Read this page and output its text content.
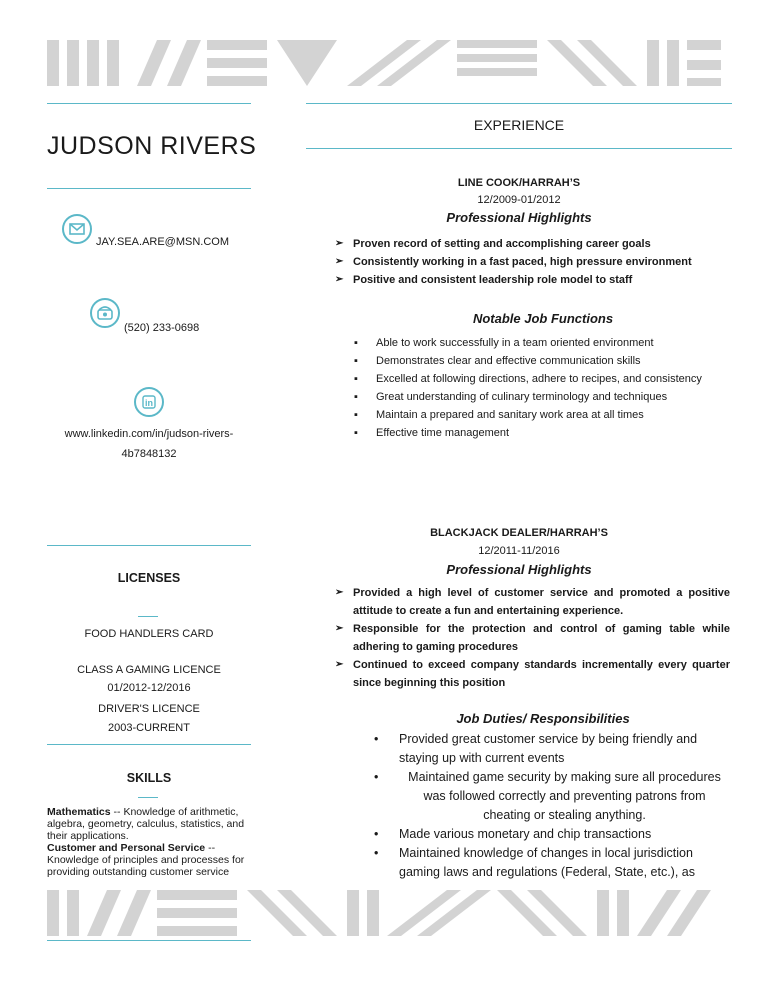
JUDSON RIVERS
JAY.SEA.ARE@MSN.COM
(520) 233-0698
in
www.linkedin.com/in/judson-rivers-
4b7848132
LICENSES
FOOD HANDLERS CARD
CLASS A GAMING LICENCE
01/2012-12/2016
DRIVER'S LICENCE
2003-CURRENT
SKILLS
Mathematics -- Knowledge of arithmetic, algebra, geometry, calculus, statistics, and their applications.
Customer and Personal Service -- Knowledge of principles and processes for providing outstanding customer service
EXPERIENCE
LINE COOK/HARRAH’S
12/2009-01/2012
Professional Highlights
➢ Proven record of setting and accomplishing career goals
➢ Consistently working in a fast paced, high pressure environment
➢ Positive and consistent leadership role model to staff
Notable Job Functions
▪ Able to work successfully in a team oriented environment
▪ Demonstrates clear and effective communication skills
▪ Excelled at following directions, adhere to recipes, and consistency
▪ Great understanding of culinary terminology and techniques
▪ Maintain a prepared and sanitary work area at all times
▪ Effective time management
BLACKJACK DEALER/HARRAH’S
12/2011-11/2016
Professional Highlights
➢ Provided a high level of customer service and promoted a positive attitude to create a fun and entertaining experience.
➢ Responsible for the protection and control of gaming table while adhering to gaming procedures
➢ Continued to exceed company standards incrementally every quarter since beginning this position
Job Duties/ Responsibilities
• Provided great customer service by being friendly and staying up with current events
• Maintained game security by making sure all procedures was followed correctly and preventing patrons from cheating or stealing anything.
• Made various monetary and chip transactions
• Maintained knowledge of changes in local jurisdiction gaming laws and regulations (Federal, State, etc.), as
